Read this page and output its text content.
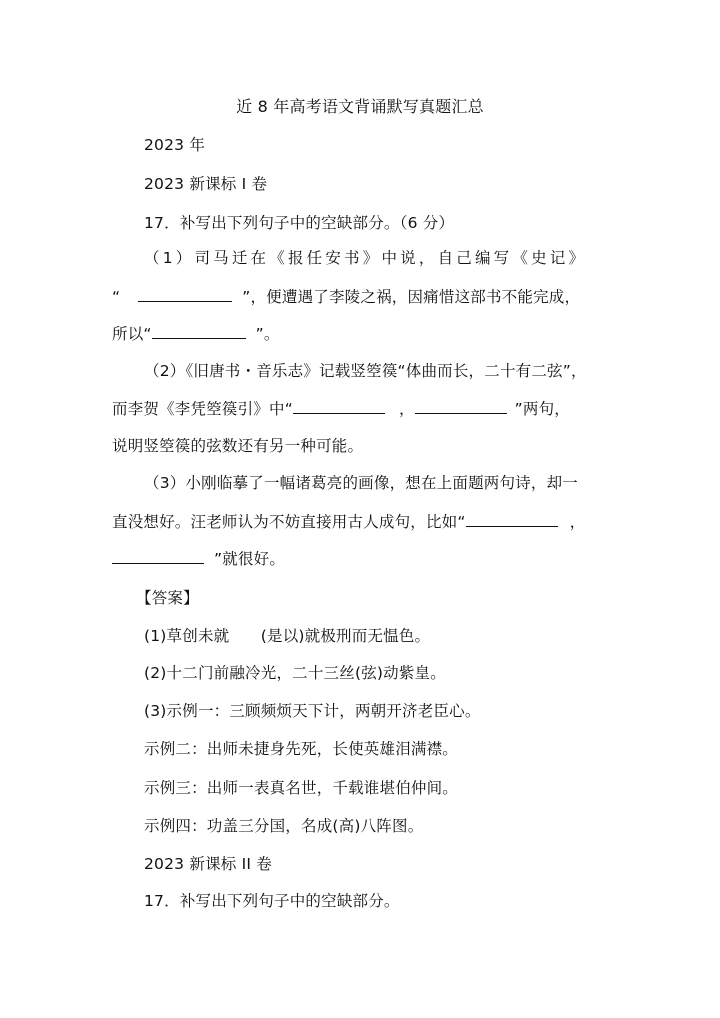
近 8 年高考语文背诵默写真题汇总
2023 年
2023 新课标 I 卷
17．补写出下列句子中的空缺部分。（6 分）
（1）司马迁在《报任安书》中说，自己编写《史记》
“	”，便遭遇了李陵之祸，因痛惜这部书不能完成，
所以“	”。
（2）《旧唐书・音乐志》记载竖箜篌“体曲而长，二十有二弦”，
而李贺《李凭箜篌引》中“	，	”两句，
说明竖箜篌的弦数还有另一种可能。
（3）小刚临摹了一幅诸葛亮的画像，想在上面题两句诗，却一
直没想好。汪老师认为不妨直接用古人成句，比如“	，
”就很好。
【答案】
(1)草创未就　　(是以)就极刑而无愠色。
(2)十二门前融冷光，二十三丝(弦)动紫皇。
(3)示例一：三顾频烦天下计，两朝开济老臣心。
示例二：出师未捷身先死，长使英雄泪满襟。
示例三：出师一表真名世，千载谁堪伯仲间。
示例四：功盖三分国，名成(高)八阵图。
2023 新课标 II 卷
17．补写出下列句子中的空缺部分。
